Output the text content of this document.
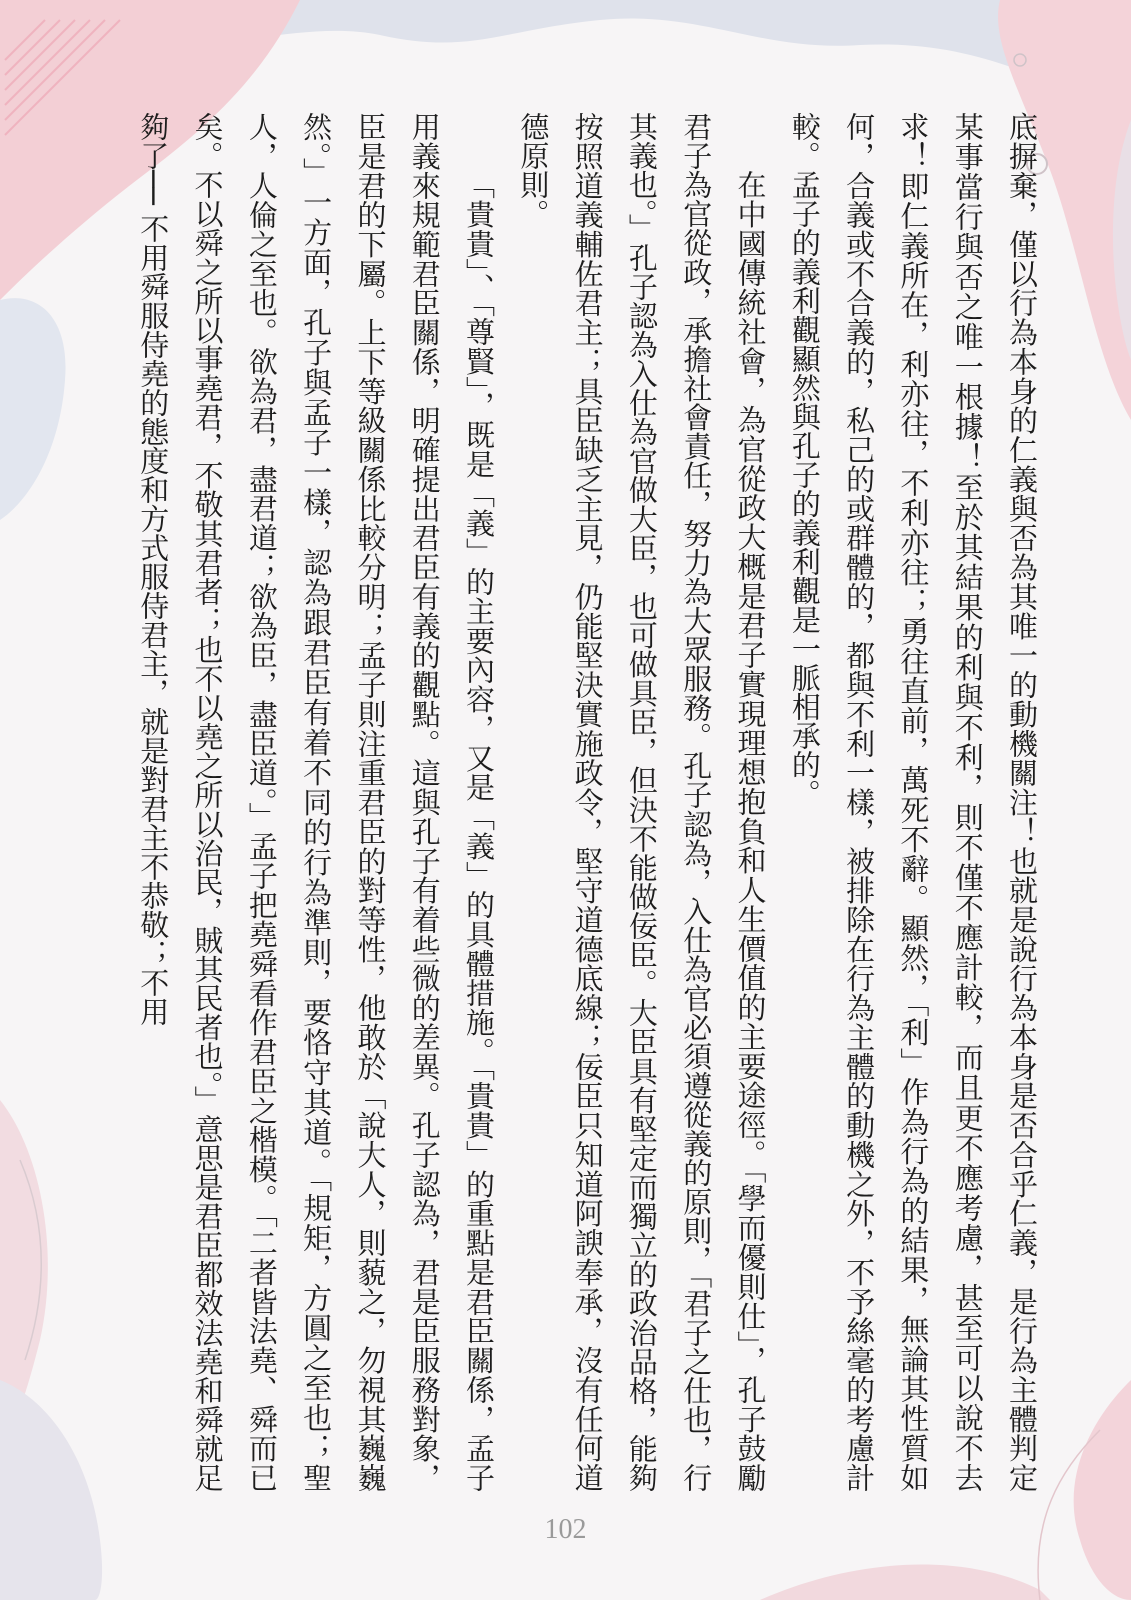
底摒棄，僅以行為本身的仁義與否為其唯一的動機關注！也就是說行為本身是否合乎仁義，是行為主體判定某事當行與否之唯一根據！至於其結果的利與不利，則不僅不應計較，而且更不應考慮，甚至可以說不去求！即仁義所在，利亦往，不利亦往；勇往直前，萬死不辭。顯然，「利」作為行為的結果，無論其性質如何，合義或不合義的，私己的或群體的，都與不利一樣，被排除在行為主體的動機之外，不予絲毫的考慮計較。孟子的義利觀顯然與孔子的義利觀是一脈相承的。

在中國傳統社會，為官從政大概是君子實現理想抱負和人生價值的主要途徑。「學而優則仕」，孔子鼓勵君子為官從政，承擔社會責任，努力為大眾服務。孔子認為，入仕為官必須遵從義的原則，「君子之仕也，行其義也。」孔子認為入仕為官做大臣，也可做具臣，但決不能做佞臣。大臣具有堅定而獨立的政治品格，能夠按照道義輔佐君主；具臣缺乏主見，仍能堅決實施政令，堅守道德底線；佞臣只知道阿諛奉承，沒有任何道德原則。

「貴貴」、「尊賢」，既是「義」的主要內容，又是「義」的具體措施。「貴貴」的重點是君臣關係，孟子用義來規範君臣關係，明確提出君臣有義的觀點。這與孔子有着些微的差異。孔子認為，君是臣服務對象，臣是君的下屬。上下等級關係比較分明；孟子則注重君臣的對等性，他敢於「說大人，則藐之，勿視其巍巍然。」一方面，孔子與孟子一樣，認為跟君臣有着不同的行為準則，要恪守其道。「規矩，方圓之至也；聖人，人倫之至也。欲為君，盡君道；欲為臣，盡臣道。」孟子把堯舜看作君臣之楷模。「二者皆法堯、舜而已矣。不以舜之所以事堯君，不敬其君者；也不以堯之所以治民，賊其民者也。」意思是君臣都效法堯和舜就足夠了── 不用舜服侍堯的態度和方式服侍君主，就是對君主不恭敬；不用

102
